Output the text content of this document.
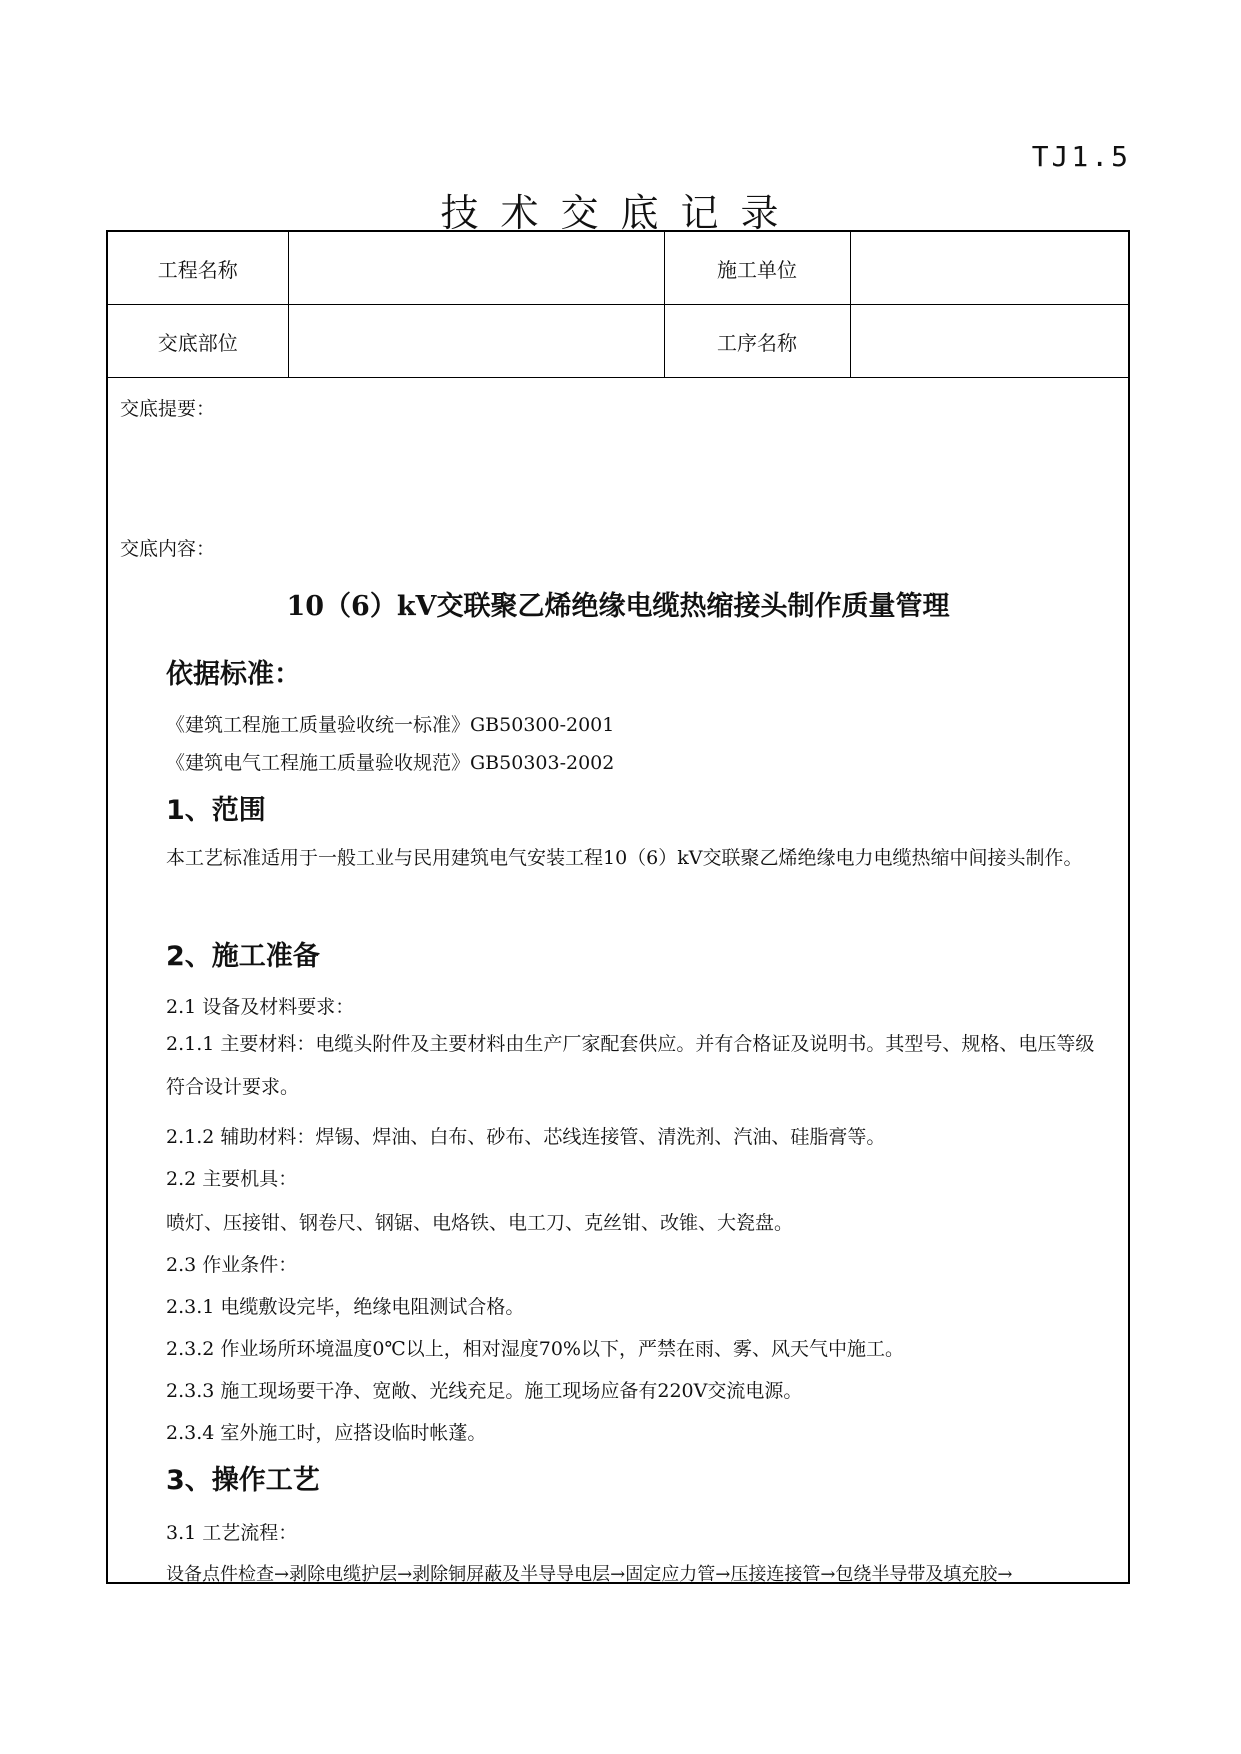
TJ1.5
技术交底记录
工程名称		施工单位	
交底部位		工序名称	
交底提要：
交底内容：
10（6）kV交联聚乙烯绝缘电缆热缩接头制作质量管理
依据标准：
《建筑工程施工质量验收统一标准》GB50300-2001
《建筑电气工程施工质量验收规范》GB50303-2002
1、范围
本工艺标准适用于一般工业与民用建筑电气安装工程10（6）kV交联聚乙烯绝缘电力电缆热缩中间接头制作。
2、施工准备
2.1 设备及材料要求：
2.1.1 主要材料：电缆头附件及主要材料由生产厂家配套供应。并有合格证及说明书。其型号、规格、电压等级符合设计要求。
2.1.2 辅助材料：焊锡、焊油、白布、砂布、芯线连接管、清洗剂、汽油、硅脂膏等。
2.2 主要机具：
喷灯、压接钳、钢卷尺、钢锯、电烙铁、电工刀、克丝钳、改锥、大瓷盘。
2.3 作业条件：
2.3.1 电缆敷设完毕，绝缘电阻测试合格。
2.3.2 作业场所环境温度0℃以上，相对湿度70%以下，严禁在雨、雾、风天气中施工。
2.3.3 施工现场要干净、宽敞、光线充足。施工现场应备有220V交流电源。
2.3.4 室外施工时，应搭设临时帐蓬。
3、操作工艺
3.1 工艺流程：
设备点件检查→剥除电缆护层→剥除铜屏蔽及半导导电层→固定应力管→压接连接管→包绕半导带及填充胶→
